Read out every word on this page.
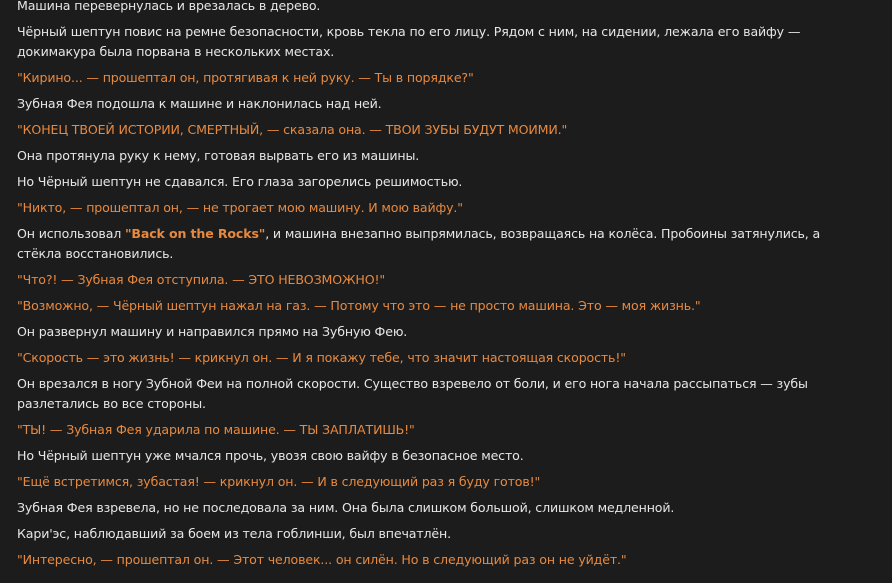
Машина перевернулась и врезалась в дерево.

Чёрный шептун повис на ремне безопасности, кровь текла по его лицу. Рядом с ним, на сидении, лежала его вайфу — докимакура была порвана в нескольких местах.

"Кирино... — прошептал он, протягивая к ней руку. — Ты в порядке?"

Зубная Фея подошла к машине и наклонилась над ней.

"КОНЕЦ ТВОЕЙ ИСТОРИИ, СМЕРТНЫЙ, — сказала она. — ТВОИ ЗУБЫ БУДУТ МОИМИ."

Она протянула руку к нему, готовая вырвать его из машины.

Но Чёрный шептун не сдавался. Его глаза загорелись решимостью.

"Никто, — прошептал он, — не трогает мою машину. И мою вайфу."

Он использовал "Back on the Rocks", и машина внезапно выпрямилась, возвращаясь на колёса. Пробоины затянулись, а стёкла восстановились.

"Что?! — Зубная Фея отступила. — ЭТО НЕВОЗМОЖНО!"

"Возможно, — Чёрный шептун нажал на газ. — Потому что это — не просто машина. Это — моя жизнь."

Он развернул машину и направился прямо на Зубную Фею.

"Скорость — это жизнь! — крикнул он. — И я покажу тебе, что значит настоящая скорость!"

Он врезался в ногу Зубной Феи на полной скорости. Существо взревело от боли, и его нога начала рассыпаться — зубы разлетались во все стороны.

"ТЫ! — Зубная Фея ударила по машине. — ТЫ ЗАПЛАТИШЬ!"

Но Чёрный шептун уже мчался прочь, увозя свою вайфу в безопасное место.

"Ещё встретимся, зубастая! — крикнул он. — И в следующий раз я буду готов!"

Зубная Фея взревела, но не последовала за ним. Она была слишком большой, слишком медленной.

Кари'эс, наблюдавший за боем из тела гоблинши, был впечатлён.

"Интересно, — прошептал он. — Этот человек... он силён. Но в следующий раз он не уйдёт."
